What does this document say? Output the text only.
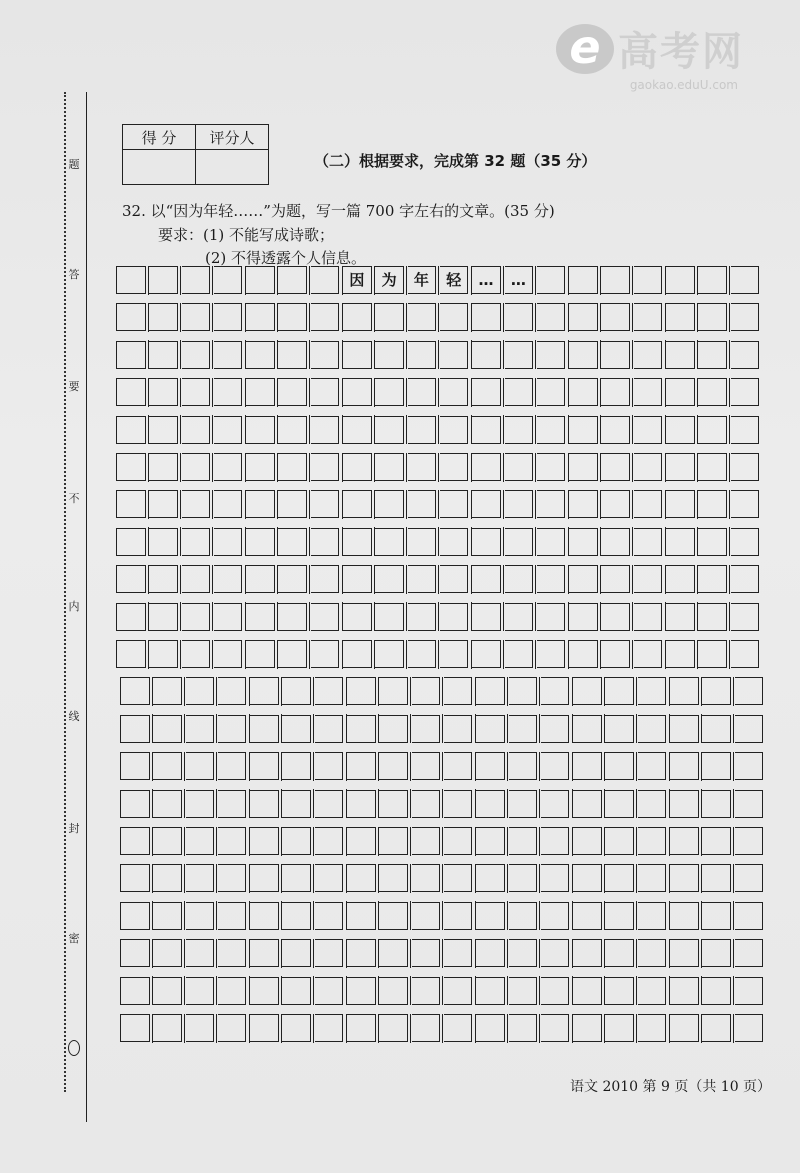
e 高考网
gaokao.eduU.com
题
答
要
不
内
线
封
密
得 分	评分人

（二）根据要求，完成第 32 题（35 分）
32. 以“因为年轻……”为题，写一篇 700 字左右的文章。(35 分)
要求：(1) 不能写成诗歌；
(2) 不得透露个人信息。
因	为	年	轻	…	…
语文 2010 第 9 页（共 10 页）
